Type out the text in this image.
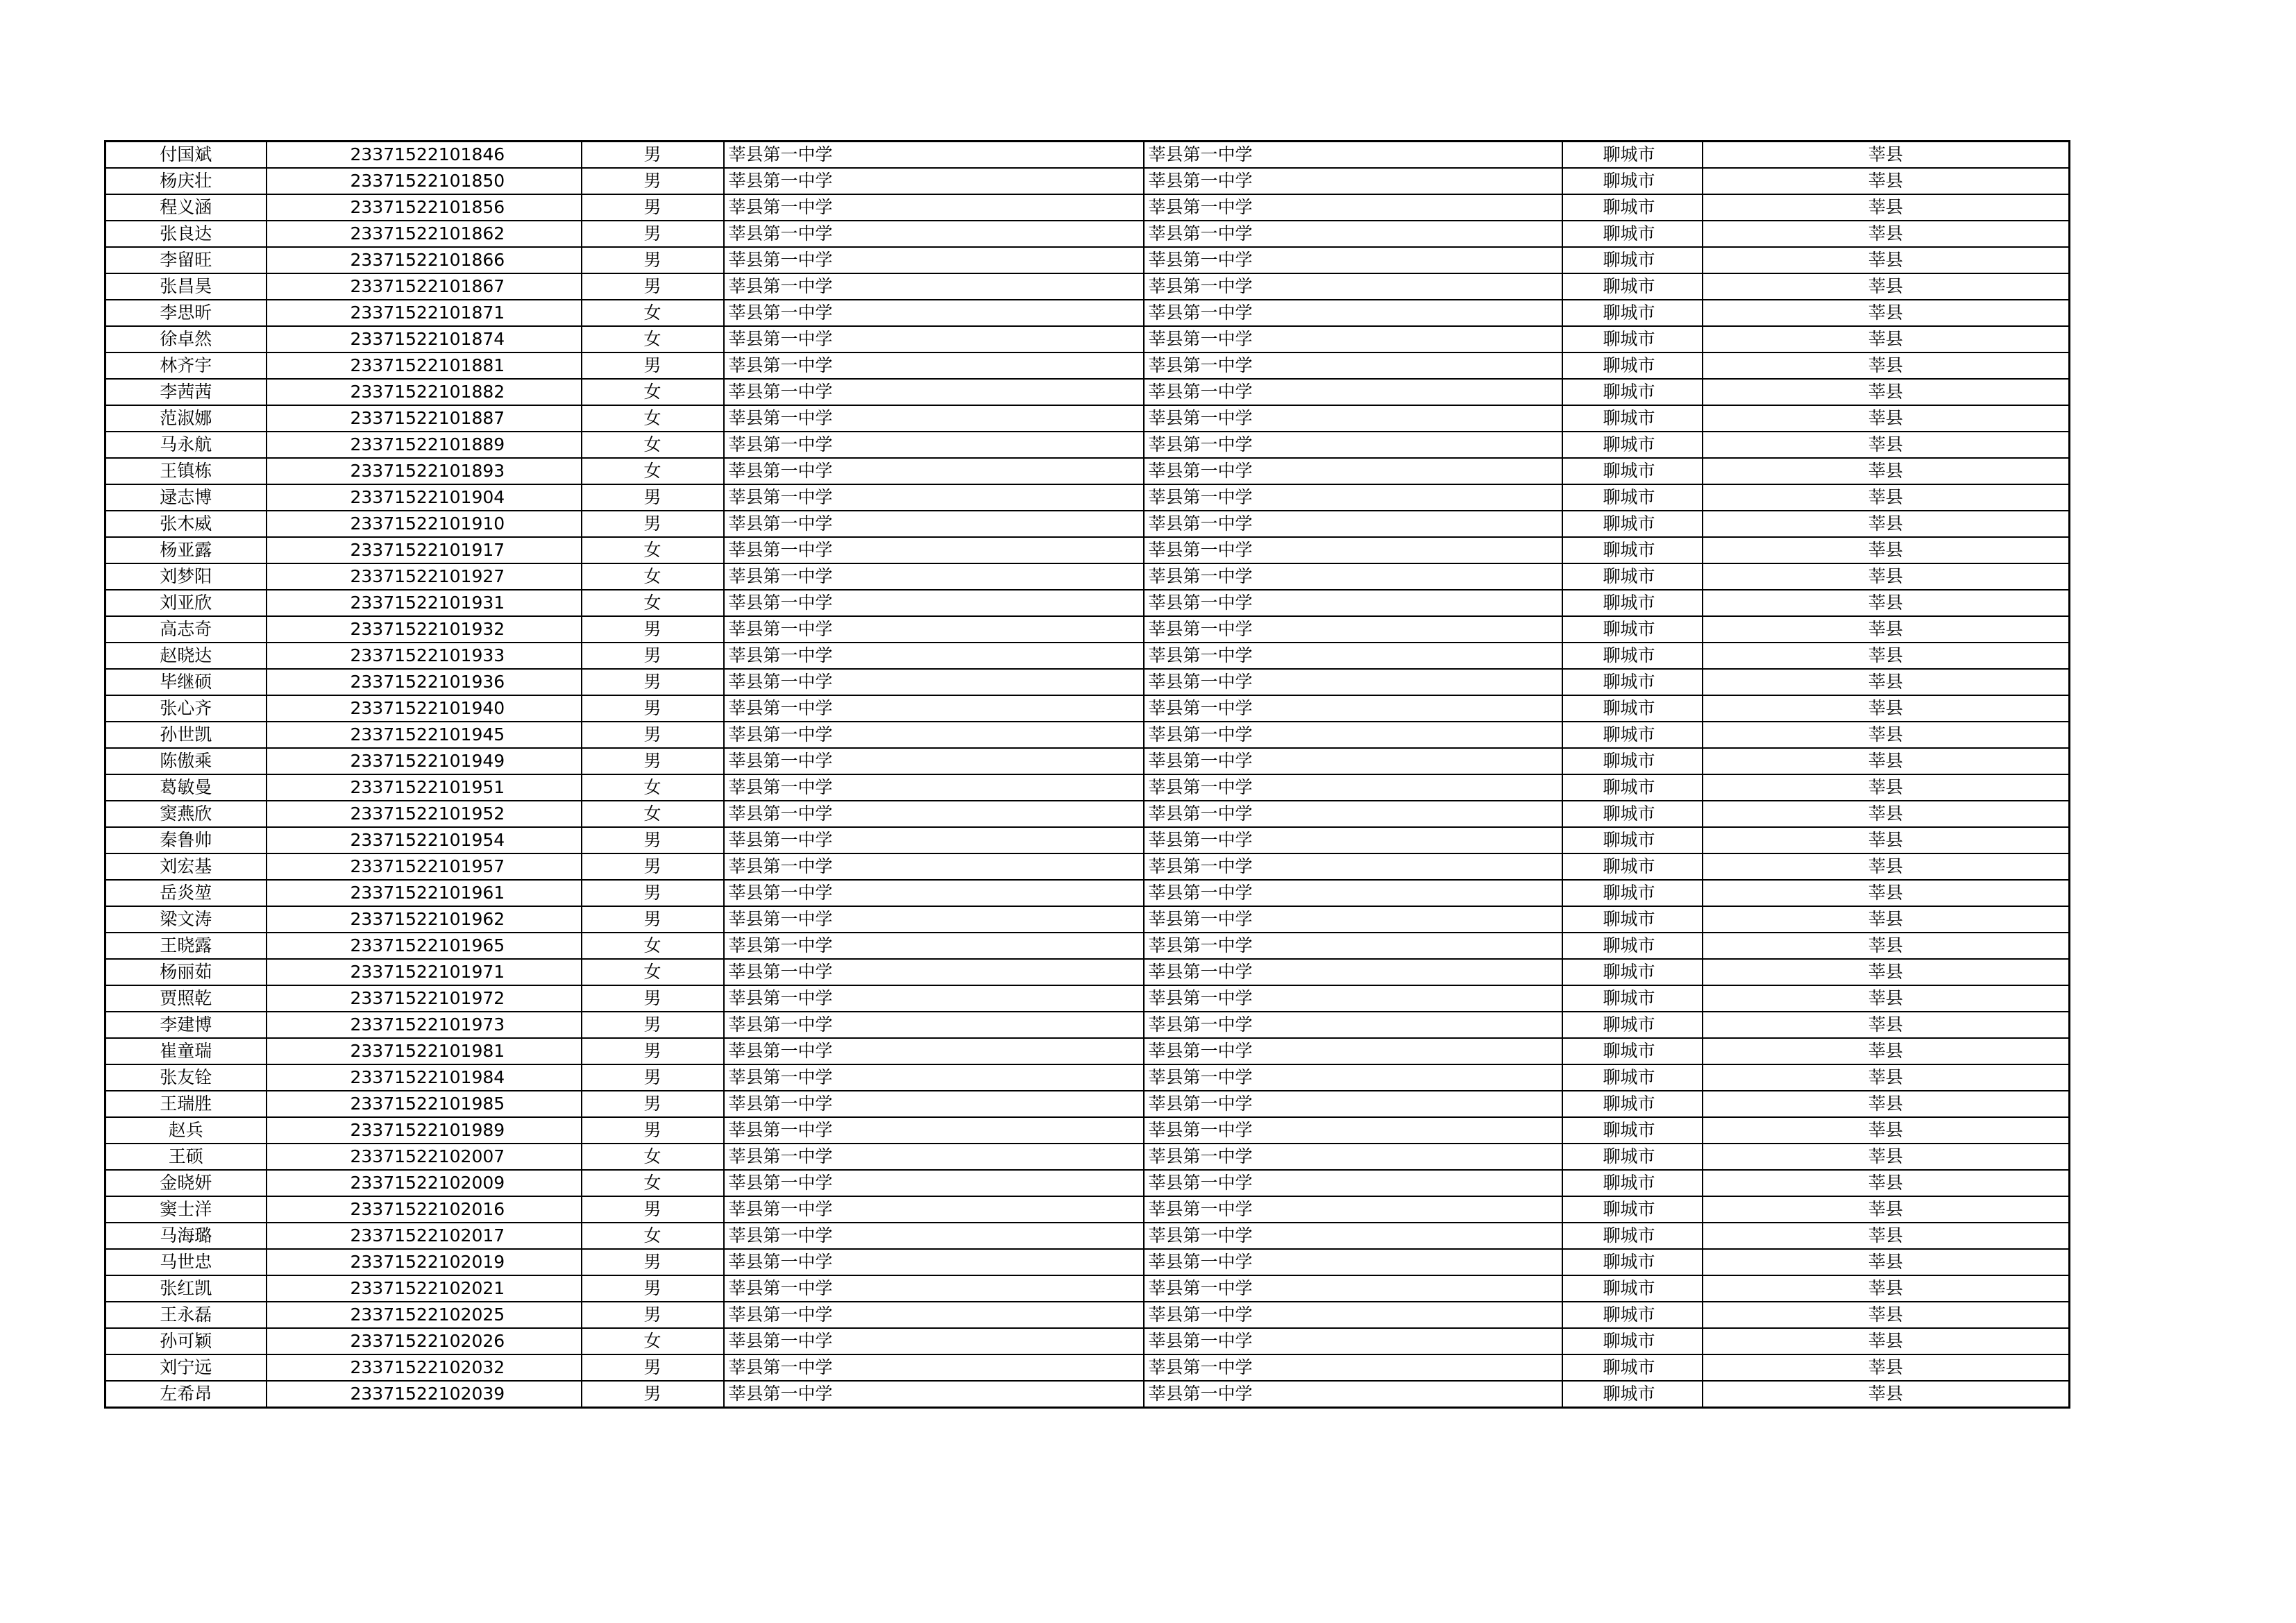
付国斌	23371522101846	男	莘县第一中学	莘县第一中学	聊城市	莘县
杨庆壮	23371522101850	男	莘县第一中学	莘县第一中学	聊城市	莘县
程义涵	23371522101856	男	莘县第一中学	莘县第一中学	聊城市	莘县
张良达	23371522101862	男	莘县第一中学	莘县第一中学	聊城市	莘县
李留旺	23371522101866	男	莘县第一中学	莘县第一中学	聊城市	莘县
张昌昊	23371522101867	男	莘县第一中学	莘县第一中学	聊城市	莘县
李思昕	23371522101871	女	莘县第一中学	莘县第一中学	聊城市	莘县
徐卓然	23371522101874	女	莘县第一中学	莘县第一中学	聊城市	莘县
林齐宇	23371522101881	男	莘县第一中学	莘县第一中学	聊城市	莘县
李茜茜	23371522101882	女	莘县第一中学	莘县第一中学	聊城市	莘县
范淑娜	23371522101887	女	莘县第一中学	莘县第一中学	聊城市	莘县
马永航	23371522101889	女	莘县第一中学	莘县第一中学	聊城市	莘县
王镇栋	23371522101893	女	莘县第一中学	莘县第一中学	聊城市	莘县
逯志博	23371522101904	男	莘县第一中学	莘县第一中学	聊城市	莘县
张木威	23371522101910	男	莘县第一中学	莘县第一中学	聊城市	莘县
杨亚露	23371522101917	女	莘县第一中学	莘县第一中学	聊城市	莘县
刘梦阳	23371522101927	女	莘县第一中学	莘县第一中学	聊城市	莘县
刘亚欣	23371522101931	女	莘县第一中学	莘县第一中学	聊城市	莘县
高志奇	23371522101932	男	莘县第一中学	莘县第一中学	聊城市	莘县
赵晓达	23371522101933	男	莘县第一中学	莘县第一中学	聊城市	莘县
毕继硕	23371522101936	男	莘县第一中学	莘县第一中学	聊城市	莘县
张心齐	23371522101940	男	莘县第一中学	莘县第一中学	聊城市	莘县
孙世凯	23371522101945	男	莘县第一中学	莘县第一中学	聊城市	莘县
陈傲乘	23371522101949	男	莘县第一中学	莘县第一中学	聊城市	莘县
葛敏曼	23371522101951	女	莘县第一中学	莘县第一中学	聊城市	莘县
窦燕欣	23371522101952	女	莘县第一中学	莘县第一中学	聊城市	莘县
秦鲁帅	23371522101954	男	莘县第一中学	莘县第一中学	聊城市	莘县
刘宏基	23371522101957	男	莘县第一中学	莘县第一中学	聊城市	莘县
岳炎堃	23371522101961	男	莘县第一中学	莘县第一中学	聊城市	莘县
梁文涛	23371522101962	男	莘县第一中学	莘县第一中学	聊城市	莘县
王晓露	23371522101965	女	莘县第一中学	莘县第一中学	聊城市	莘县
杨丽茹	23371522101971	女	莘县第一中学	莘县第一中学	聊城市	莘县
贾照乾	23371522101972	男	莘县第一中学	莘县第一中学	聊城市	莘县
李建博	23371522101973	男	莘县第一中学	莘县第一中学	聊城市	莘县
崔童瑞	23371522101981	男	莘县第一中学	莘县第一中学	聊城市	莘县
张友铨	23371522101984	男	莘县第一中学	莘县第一中学	聊城市	莘县
王瑞胜	23371522101985	男	莘县第一中学	莘县第一中学	聊城市	莘县
赵兵	23371522101989	男	莘县第一中学	莘县第一中学	聊城市	莘县
王硕	23371522102007	女	莘县第一中学	莘县第一中学	聊城市	莘县
金晓妍	23371522102009	女	莘县第一中学	莘县第一中学	聊城市	莘县
窦士洋	23371522102016	男	莘县第一中学	莘县第一中学	聊城市	莘县
马海璐	23371522102017	女	莘县第一中学	莘县第一中学	聊城市	莘县
马世忠	23371522102019	男	莘县第一中学	莘县第一中学	聊城市	莘县
张红凯	23371522102021	男	莘县第一中学	莘县第一中学	聊城市	莘县
王永磊	23371522102025	男	莘县第一中学	莘县第一中学	聊城市	莘县
孙可颖	23371522102026	女	莘县第一中学	莘县第一中学	聊城市	莘县
刘宁远	23371522102032	男	莘县第一中学	莘县第一中学	聊城市	莘县
左希昂	23371522102039	男	莘县第一中学	莘县第一中学	聊城市	莘县
